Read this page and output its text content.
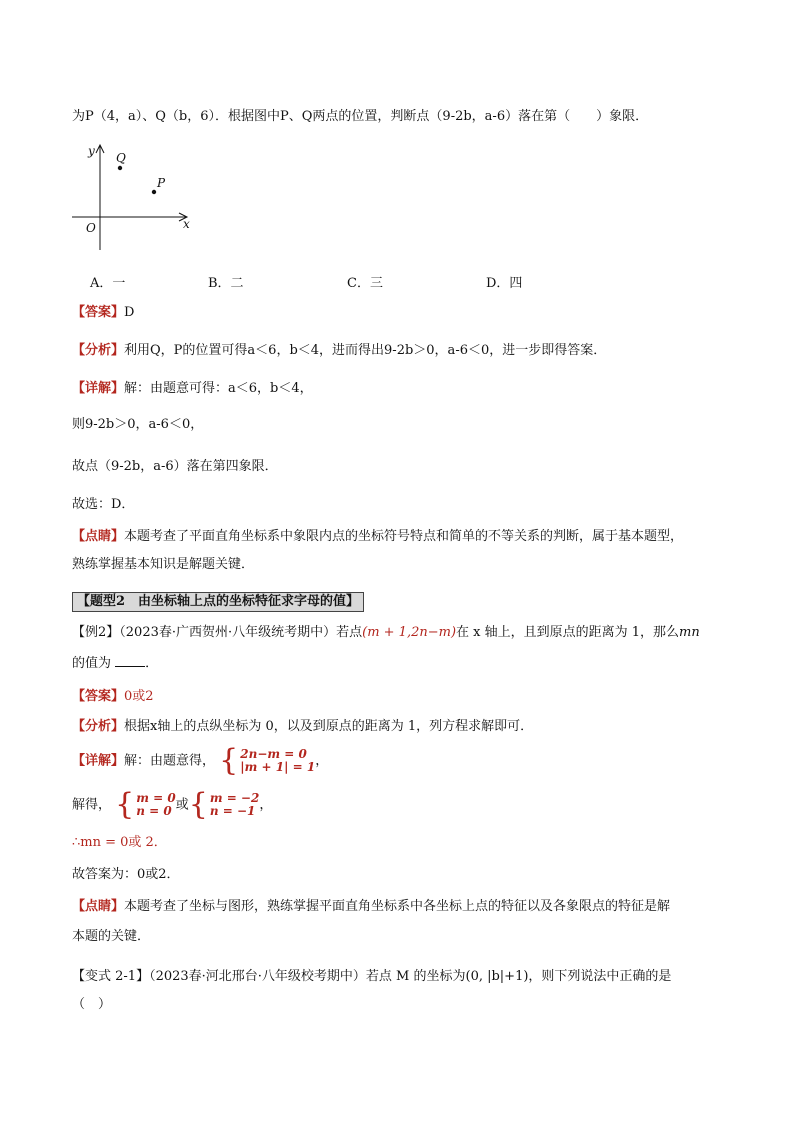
为P（4，a）、Q（b，6）．根据图中P、Q两点的位置，判断点（9-2b，a-6）落在第（　　）象限．
y
x
O
Q
P
A．一	B．二	C．三	D．四
【答案】D
【分析】利用Q，P的位置可得a＜6，b＜4，进而得出9-2b＞0，a-6＜0，进一步即得答案．
【详解】解：由题意可得：a＜6，b＜4，
则9-2b＞0，a-6＜0，
故点（9-2b，a-6）落在第四象限．
故选：D．
【点睛】本题考查了平面直角坐标系中象限内点的坐标符号特点和简单的不等关系的判断，属于基本题型，
熟练掌握基本知识是解题关键．
【题型2　由坐标轴上点的坐标特征求字母的值】
【例2】（2023春·广西贺州·八年级统考期中）若点(m + 1,2n−m)在 x 轴上，且到原点的距离为 1，那么mn
的值为	．
【答案】0或2
【分析】根据x轴上的点纵坐标为 0，以及到原点的距离为 1，列方程求解即可．
【详解】解：由题意得， { 2n−m = 0
|m + 1| = 1 ，
解得， { m = 0
n = 0 或 { m = −2
n = −1 ，
∴mn = 0或 2．
故答案为：0或2．
【点睛】本题考查了坐标与图形，熟练掌握平面直角坐标系中各坐标上点的特征以及各象限点的特征是解
本题的关键．
【变式 2-1】（2023春·河北邢台·八年级校考期中）若点 M 的坐标为(0, |b|+1)，则下列说法中正确的是
（　）
